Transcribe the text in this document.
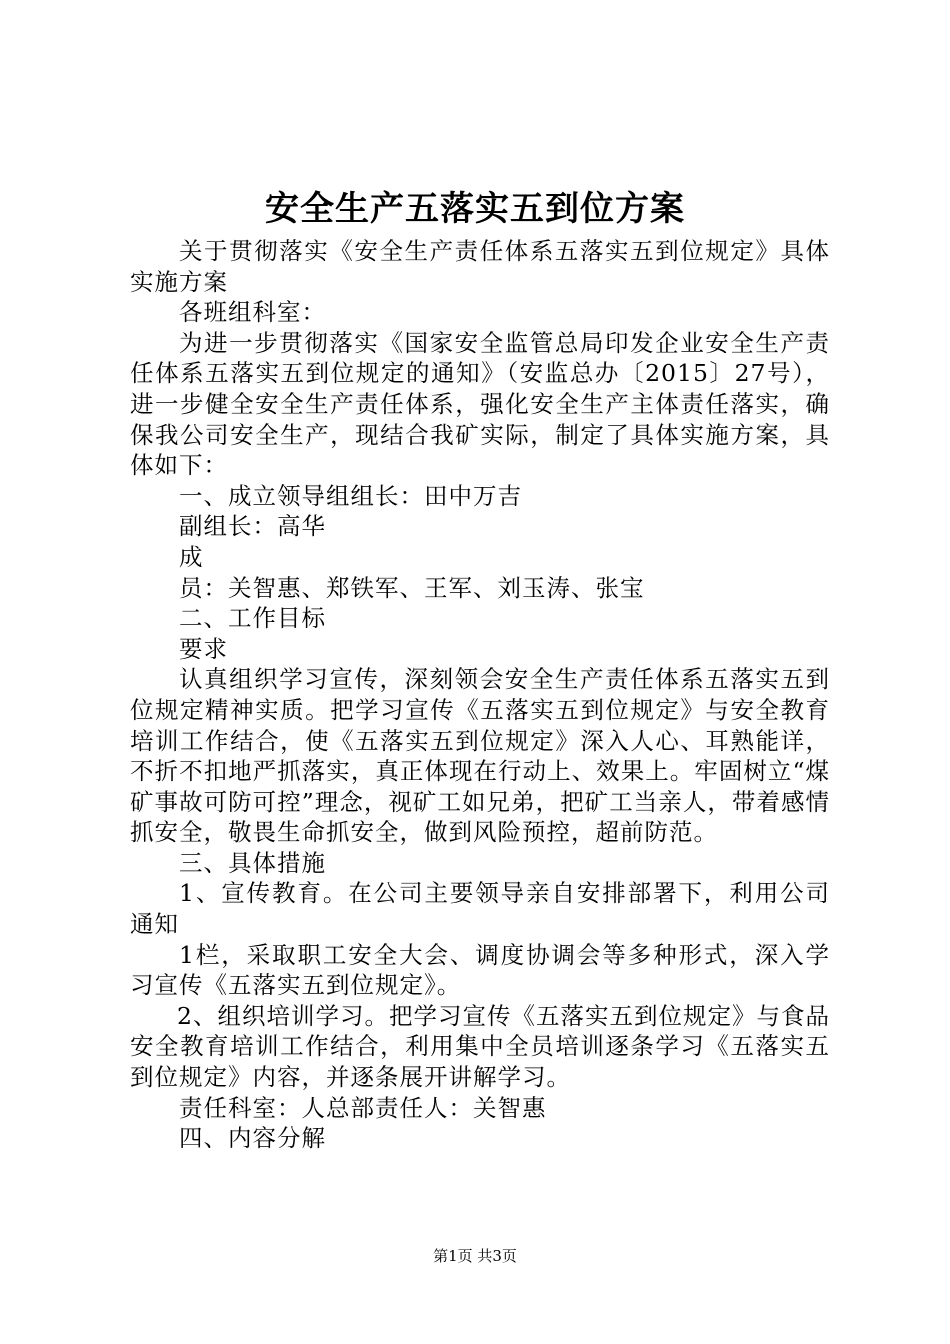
安全生产五落实五到位方案

关于贯彻落实《安全生产责任体系五落实五到位规定》具体实施方案

各班组科室：

为进一步贯彻落实《国家安全监管总局印发企业安全生产责任体系五落实五到位规定的通知》（安监总办〔2015〕27号），进一步健全安全生产责任体系，强化安全生产主体责任落实，确保我公司安全生产，现结合我矿实际，制定了具体实施方案，具体如下：

一、成立领导组组长：田中万吉

副组长：高华

成

员：关智惠、郑铁军、王军、刘玉涛、张宝

二、工作目标

要求

认真组织学习宣传，深刻领会安全生产责任体系五落实五到位规定精神实质。把学习宣传《五落实五到位规定》与安全教育培训工作结合，使《五落实五到位规定》深入人心、耳熟能详，不折不扣地严抓落实，真正体现在行动上、效果上。牢固树立“煤矿事故可防可控”理念，视矿工如兄弟，把矿工当亲人，带着感情抓安全，敬畏生命抓安全，做到风险预控，超前防范。

三、具体措施

1、宣传教育。在公司主要领导亲自安排部署下，利用公司通知

1栏，采取职工安全大会、调度协调会等多种形式，深入学习宣传《五落实五到位规定》。

2、组织培训学习。把学习宣传《五落实五到位规定》与食品安全教育培训工作结合，利用集中全员培训逐条学习《五落实五到位规定》内容，并逐条展开讲解学习。

责任科室：人总部责任人：关智惠

四、内容分解

第1页 共3页
